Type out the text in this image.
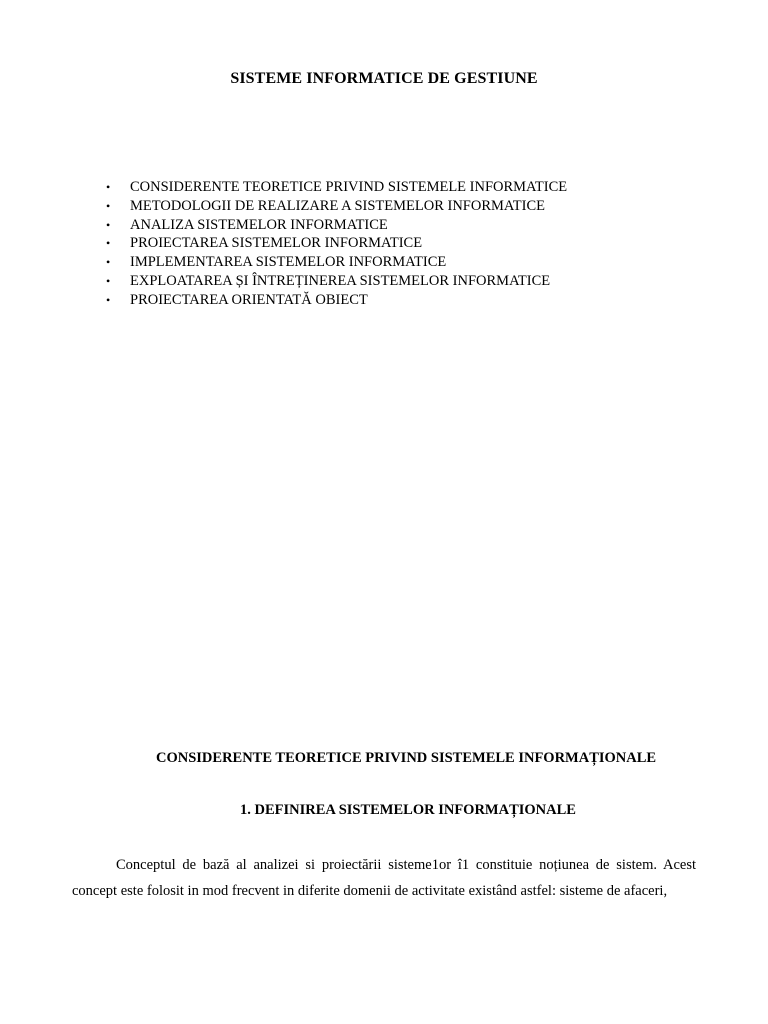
SISTEME INFORMATICE DE GESTIUNE
• CONSIDERENTE TEORETICE PRIVIND SISTEMELE INFORMATICE
• METODOLOGII DE REALIZARE A SISTEMELOR INFORMATICE
• ANALIZA SISTEMELOR INFORMATICE
• PROIECTAREA SISTEMELOR INFORMATICE
• IMPLEMENTAREA SISTEMELOR INFORMATICE
• EXPLOATAREA ȘI ÎNTREȚINEREA SISTEMELOR INFORMATICE
• PROIECTAREA ORIENTATĂ OBIECT
CONSIDERENTE TEORETICE PRIVIND SISTEMELE INFORMAȚIONALE
1. DEFINIREA SISTEMELOR INFORMAȚIONALE

Conceptul de bază al analizei si proiectării sisteme1or î1 constituie noțiunea de sistem. Acest concept este folosit in mod frecvent in diferite domenii de activitate existând astfel: sisteme de afaceri,
